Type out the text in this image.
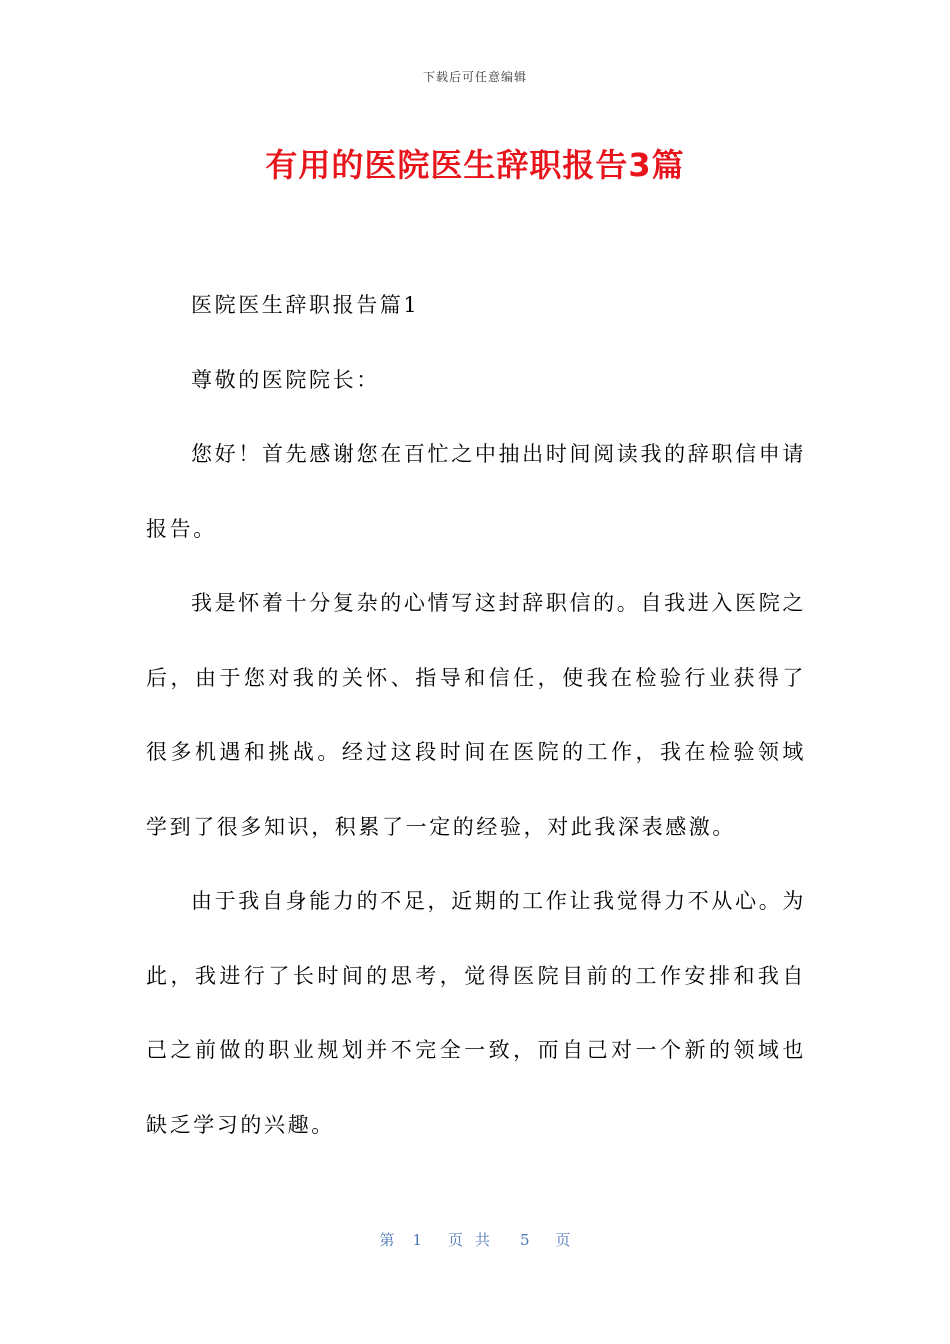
下载后可任意编辑
有用的医院医生辞职报告3篇

医院医生辞职报告篇1

尊敬的医院院长：

您好！首先感谢您在百忙之中抽出时间阅读我的辞职信申请报告。

我是怀着十分复杂的心情写这封辞职信的。自我进入医院之后，由于您对我的关怀、指导和信任，使我在检验行业获得了很多机遇和挑战。经过这段时间在医院的工作，我在检验领域学到了很多知识，积累了一定的经验，对此我深表感激。

由于我自身能力的不足，近期的工作让我觉得力不从心。为此，我进行了长时间的思考，觉得医院目前的工作安排和我自己之前做的职业规划并不完全一致，而自己对一个新的领域也缺乏学习的兴趣。

第 1 页共 5 页
